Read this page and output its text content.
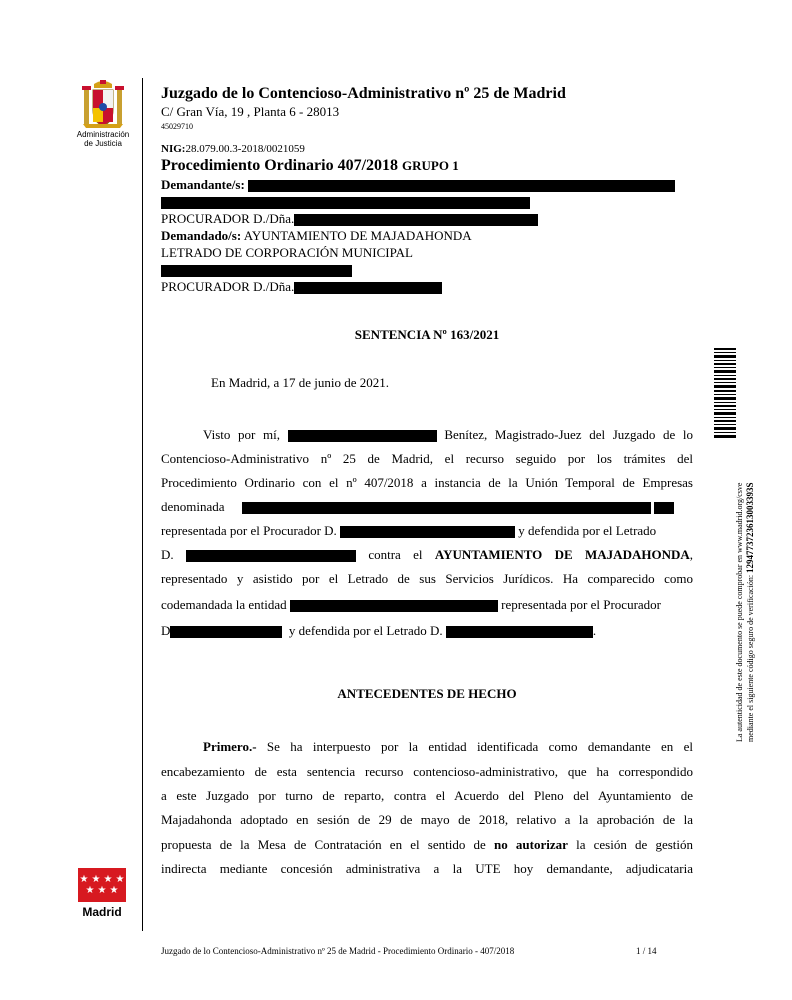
Administración
de Justicia
★ ★ ★ ★
★ ★ ★
Madrid
Juzgado de lo Contencioso-Administrativo nº 25 de Madrid
C/ Gran Vía, 19 , Planta 6 - 28013
45029710
NIG:28.079.00.3-2018/0021059
Procedimiento Ordinario 407/2018 GRUPO 1
Demandante/s:
PROCURADOR D./Dña.
Demandado/s: AYUNTAMIENTO DE MAJADAHONDA
LETRADO DE CORPORACIÓN MUNICIPAL
PROCURADOR D./Dña.
SENTENCIA Nº 163/2021
En Madrid, a 17 de junio de 2021.
Visto por mí,	Benítez, Magistrado-Juez del Juzgado de lo
Contencioso-Administrativo nº 25 de Madrid, el recurso seguido por los trámites del
Procedimiento Ordinario con el nº 407/2018 a instancia de la Unión Temporal de Empresas
denominada
representada por el Procurador D.	y defendida por el Letrado
D.	contra el AYUNTAMIENTO DE MAJADAHONDA,
representado y asistido por el Letrado de sus Servicios Jurídicos. Ha comparecido como
codemandada la entidad	representada por el Procurador
D	y defendida por el Letrado D.	.
ANTECEDENTES DE HECHO
Primero.- Se ha interpuesto por la entidad identificada como demandante en el
encabezamiento de esta sentencia recurso contencioso-administrativo, que ha correspondido
a este Juzgado por turno de reparto, contra el Acuerdo del Pleno del Ayuntamiento de
Majadahonda adoptado en sesión de 29 de mayo de 2018, relativo a la aprobación de la
propuesta de la Mesa de Contratación en el sentido de no autorizar la cesión de gestión
indirecta mediante concesión administrativa a la UTE hoy demandante, adjudicataria
Juzgado de lo Contencioso-Administrativo nº 25 de Madrid - Procedimiento Ordinario - 407/2018	1 / 14
La autenticidad de este documento se puede comprobar en www.madrid.org/csve mediante el siguiente código seguro de verificación: 1294773723613003393S
